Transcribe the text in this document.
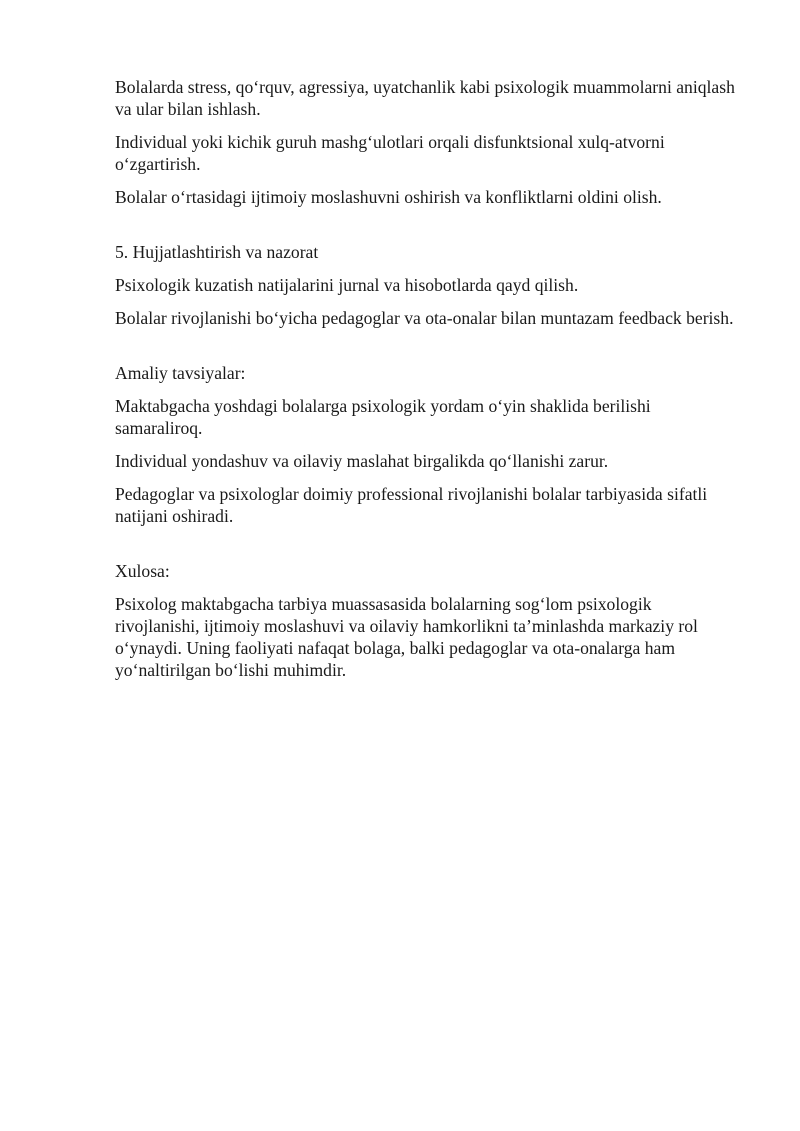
Bolalarda stress, qo‘rquv, agressiya, uyatchanlik kabi psixologik muammolarni aniqlash va ular bilan ishlash.

Individual yoki kichik guruh mashg‘ulotlari orqali disfunktsional xulq-atvorni o‘zgartirish.

Bolalar o‘rtasidagi ijtimoiy moslashuvni oshirish va konfliktlarni oldini olish.

5. Hujjatlashtirish va nazorat

Psixologik kuzatish natijalarini jurnal va hisobotlarda qayd qilish.

Bolalar rivojlanishi bo‘yicha pedagoglar va ota-onalar bilan muntazam feedback berish.

Amaliy tavsiyalar:

Maktabgacha yoshdagi bolalarga psixologik yordam o‘yin shaklida berilishi samaraliroq.

Individual yondashuv va oilaviy maslahat birgalikda qo‘llanishi zarur.

Pedagoglar va psixologlar doimiy professional rivojlanishi bolalar tarbiyasida sifatli natijani oshiradi.

Xulosa:

Psixolog maktabgacha tarbiya muassasasida bolalarning sog‘lom psixologik rivojlanishi, ijtimoiy moslashuvi va oilaviy hamkorlikni ta’minlashda markaziy rol o‘ynaydi. Uning faoliyati nafaqat bolaga, balki pedagoglar va ota-onalarga ham yo‘naltirilgan bo‘lishi muhimdir.
